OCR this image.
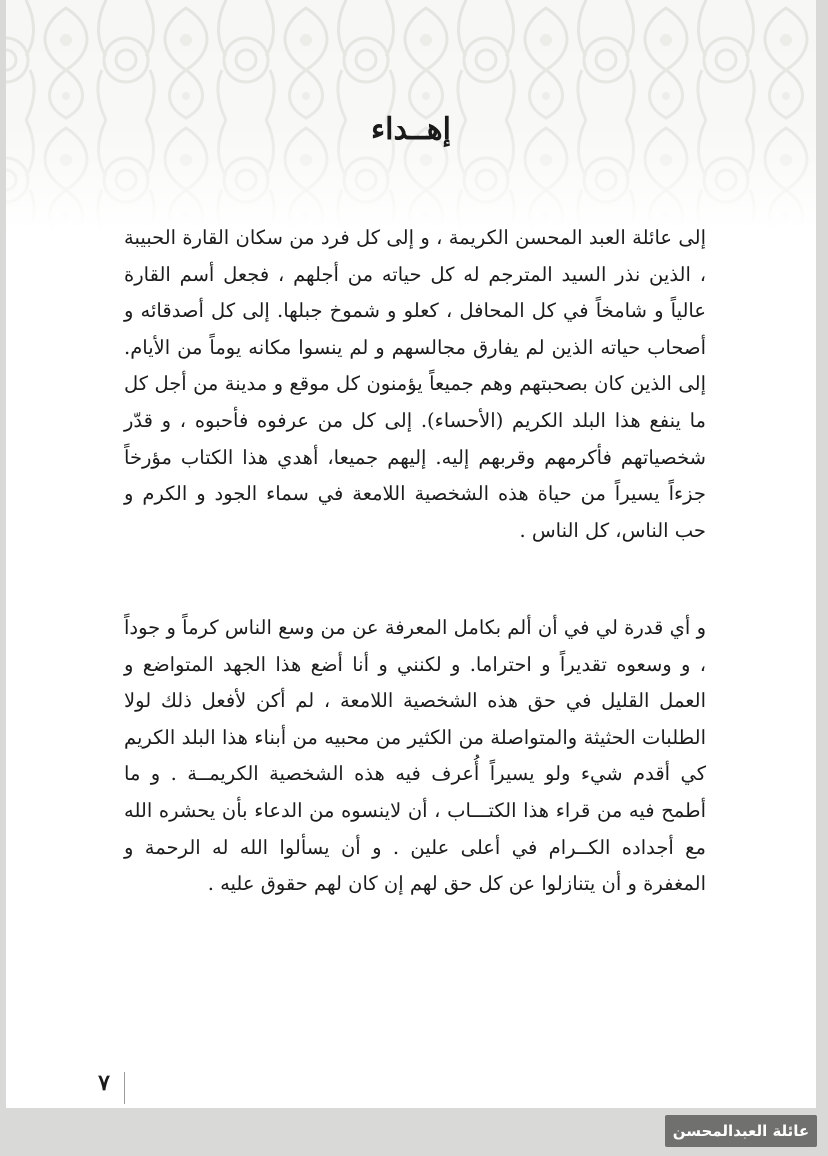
إهــداء

إلى عائلة العبد المحسن الكريمة ، و إلى كل فرد من سكان القارة الحبيبة ، الذين نذر السيد المترجم له كل حياته من أجلهم ، فجعل أسم القارة عالياً و شامخاً في كل المحافل ، كعلو و شموخ جبلها. إلى كل أصدقائه و أصحاب حياته الذين لم يفارق مجالسهم و لم ينسوا مكانه يوماً من الأيام. إلى الذين كان بصحبتهم وهم جميعاً يؤمنون كل موقع و مدينة من أجل كل ما ينفع هذا البلد الكريم (الأحساء). إلى كل من عرفوه فأحبوه ، و قدّر شخصياتهم فأكرمهم وقربهم إليه. إليهم جميعا، أهدي هذا الكتاب مؤرخاً جزءاً يسيراً من حياة هذه الشخصية اللامعة في سماء الجود و الكرم و حب الناس، كل الناس .

و أي قدرة لي في أن ألم بكامل المعرفة عن من وسع الناس كرماً و جوداً ، و وسعوه تقديراً و احتراما. و لكنني و أنا أضع هذا الجهد المتواضع و العمل القليل في حق هذه الشخصية اللامعة ، لم أكن لأفعل ذلك لولا الطلبات الحثيثة والمتواصلة من الكثير من محبيه من أبناء هذا البلد الكريم كي أقدم شيء ولو يسيراً أُعرف فيه هذه الشخصية الكريمــة . و ما أطمح فيه من قراء هذا الكتـــاب ، أن لاينسوه من الدعاء بأن يحشره الله مع أجداده الكــرام في أعلى علين . و أن يسألوا الله له الرحمة و المغفرة و أن يتنازلوا عن كل حق لهم إن كان لهم حقوق عليه .

٧
عائلة العبدالمحسن
